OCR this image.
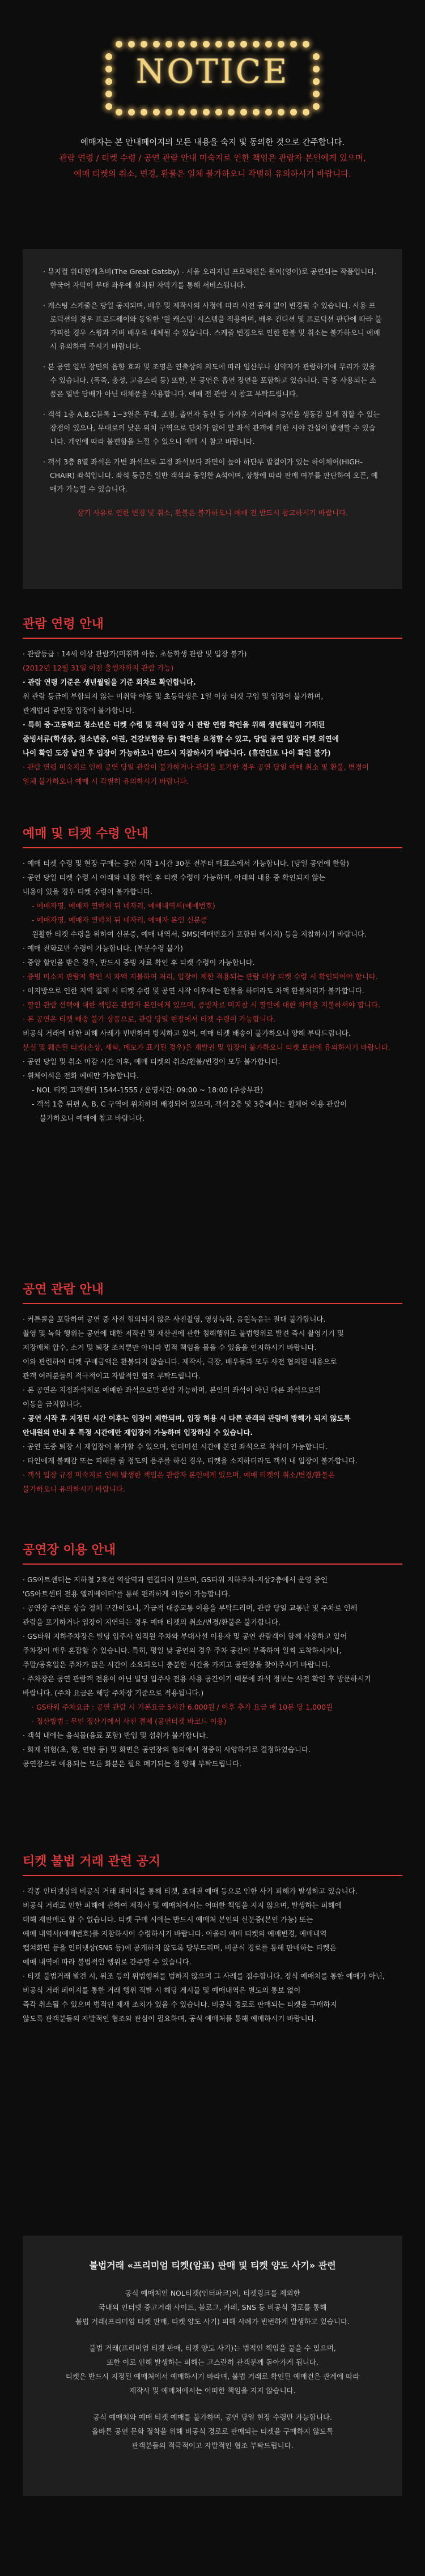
NOTICE
예매자는 본 안내페이지의 모든 내용을 숙지 및 동의한 것으로 간주합니다.
관람 연령 / 티켓 수령 / 공연 관람 안내 미숙지로 인한 책임은 관람자 본인에게 있으며,
예매 티켓의 취소, 변경, 환불은 일체 불가하오니 각별히 유의하시기 바랍니다.

· 뮤지컬 위대한개츠비(The Great Gatsby) - 서울 오리지널 프로덕션은 원어(영어)로 공연되는 작품입니다. 한국어 자막이 무대 좌우에 설치된 자막기를 통해 서비스됩니다.

· 캐스팅 스케줄은 당일 공지되며, 배우 및 제작사의 사정에 따라 사전 공지 없이 변경될 수 있습니다. 사용 프로덕션의 경우 프로드웨이와 동일한 '원 캐스팅' 시스템을 적용하며, 배우 컨디션 및 프로덕션 판단에 따라 불가피한 경우 스윙과 커버 배우로 대체될 수 있습니다. 스케줄 변경으로 인한 환불 및 취소는 불가하오니 예매 시 유의하여 주시기 바랍니다.

· 본 공연 일부 장면의 음향 효과 및 조명은 연출상의 의도에 따라 임산부나 심약자가 관람하기에 무리가 있을 수 있습니다. (폭죽, 총성, 고음소리 등) 또한, 본 공연은 흡연 장면을 포함하고 있습니다. 극 중 사용되는 소품은 일반 담배가 아닌 대체품을 사용합니다. 예매 전 관람 시 참고 부탁드립니다.

· 객석 1층 A,B,C블록 1~3열은 무대, 조명, 출연자 동선 등 가까운 거리에서 공연을 생동감 있게 접할 수 있는 장점이 있으나, 무대로의 낮은 위치 구역으로 단차가 없어 앞 좌석 관객에 의한 시야 간섭이 발생할 수 있습니다. 개인에 따라 불편함을 느낄 수 있으니 예매 시 참고 바랍니다.

· 객석 3층 8열 좌석은 가변 좌석으로 고정 좌석보다 좌면이 높아 하단부 발걸이가 있는 하이체어(HIGH-CHAIR) 좌석입니다. 좌석 등급은 일반 객석과 동일한 A석이며, 상황에 따라 판매 여부를 판단하여 오픈, 예매가 가능할 수 있습니다.

상기 사유로 인한 변경 및 취소, 환불은 불가하오니 예매 전 반드시 참고하시기 바랍니다.

관람 연령 안내

· 관람등급 : 14세 이상 관람가(미취학 아동, 초등학생 관람 및 입장 불가)

(2012년 12월 31일 이전 출생자까지 관람 가능)

· 관람 연령 기준은 생년월일을 기준 회차로 확인합니다.

위 관람 등급에 부합되지 않는 미취학 아동 및 초등학생은 1일 이상 티켓 구입 및 입장이 불가하며,

관계법리 공연장 입장이 불가합니다.

· 특히 중·고등학교 청소년은 티켓 수령 및 객석 입장 시 관람 연령 확인을 위해 생년월일이 기재된

증빙서류(학생증, 청소년증, 여권, 건강보험증 등) 확인을 요청할 수 있고, 당일 공연 입장 티켓 외연에

나이 확인 도장 날인 후 입장이 가능하오니 반드시 지참하시기 바랍니다. (휴먼인포 나이 확인 불가)

· 관람 연령 미숙지로 인해 공연 당일 관람이 불가하거나 관람을 포기한 경우 공연 당일 예매 취소 및 환불, 변경이

일체 불가하오니 예매 시 각별히 유의하시기 바랍니다.

예매 및 티켓 수령 안내

· 예매 티켓 수령 및 현장 구매는 공연 시작 1시간 30분 전부터 매표소에서 가능합니다. (당일 공연에 한함)

· 공연 당일 티켓 수령 시 아래와 내용 확인 후 티켓 수령이 가능하며, 아래의 내용 중 확인되지 않는

내용이 있을 경우 티켓 수령이 불가합니다.

- 예매자명, 예매자 연락처 뒤 네자리, 예매내역서(예매번호)

- 예매자명, 예매자 연락처 뒤 네자리, 예매자 본인 신분증

원활한 티켓 수령을 위하여 신분증, 예매 내역서, SMS(예매번호가 포함된 메시지) 등을 지참하시기 바랍니다.

· 예매 전화로만 수령이 가능합니다. (부분수령 불가)

· 중앙 할인을 받은 경우, 반드시 증빙 자료 확인 후 티켓 수령이 가능합니다.

· 증빙 미소지 관람자 할인 시 차액 지불하여 처리, 입장이 제한 적용되는 관람 대상 티켓 수령 시 확인되어야 합니다.

· 이지방으로 인한 지역 결제 시 티켓 수령 및 공연 시작 이후에는 환불을 하더라도 차액 환불처리가 불가합니다.

· 할인 관람 선택에 대한 책임은 관람자 본인에게 있으며, 증빙자료 미지참 시 할인에 대한 차액을 지불하셔야 합니다.

· 본 공연은 티켓 배송 불가 상품으로, 관람 당일 현장에서 티켓 수령이 가능합니다.

비공식 거래에 대한 피해 사례가 빈번하여 방지하고 있어, 예매 티켓 배송이 불가하오니 양해 부탁드립니다.

분실 및 훼손된 티켓(손상, 세탁, 메모가 표기된 경우)은 재발권 및 입장이 불가하오니 티켓 보관에 유의하시기 바랍니다.

· 공연 당일 및 취소 마감 시간 이후, 예매 티켓의 취소/환불/변경이 모두 불가합니다.

· 휠체어석은 전화 예매만 가능합니다.

- NOL 티켓 고객센터 1544-1555 / 운영시간: 09:00 ~ 18:00 (주중무관)

- 객석 1층 뒤편 A, B, C 구역에 위치하며 배정되어 있으며, 객석 2층 및 3층에서는 휠체어 이용 관람이

불가하오니 예매에 참고 바랍니다.

공연 관람 안내

· 커튼콜을 포함하여 공연 중 사전 협의되지 않은 사진촬영, 영상녹화, 음원녹음는 절대 불가합니다.

촬영 및 녹화 행위는 공연에 대한 저작권 및 재산권에 관한 침해행위로 불법행위로 발견 즉시 촬영기기 및

저장매체 압수, 소거 및 퇴장 조치뿐만 아니라 법적 책임을 물을 수 있음을 인지하시기 바랍니다.

이와 관련하여 티켓 구매금액은 환불되지 않습니다. 제작사, 극장, 배우들과 모두 사전 협의된 내용으로

관객 여러분들의 적극적이고 자발적인 협조 부탁드립니다.

· 본 공연은 지정좌석제로 예매한 좌석으로만 관람 가능하며, 본인의 좌석이 아닌 다른 좌석으로의

이동을 금지합니다.

· 공연 시작 후 지정된 시간 이후는 입장이 제한되며, 입장 허용 시 다른 관객의 관람에 방해가 되지 않도록

안내원의 안내 후 특정 시간에만 재입장이 가능하며 입장하실 수 있습니다.

· 공연 도중 퇴장 시 재입장이 불가할 수 있으며, 인터미션 시간에 본인 좌석으로 착석이 가능합니다.

· 타인에게 불쾌감 또는 피해를 줄 정도의 음주를 하신 경우, 티켓을 소지하더라도 객석 내 입장이 불가합니다.

· 객석 입장 규정 미숙지로 인해 발생한 책임은 관람자 본인에게 있으며, 예매 티켓의 취소/변경/환불은

불가하오니 유의하시기 바랍니다.

공연장 이용 안내

· GS아트센터는 지하철 2호선 역삼역과 연결되어 있으며, GS타워 지하주차-지상2층에서 운영 중인

'GS아트센터 전용 엘리베이터'를 통해 편리하게 이동이 가능합니다.

· 공연장 주변은 상습 정체 구간이오니, 가급적 대중교통 이용을 부탁드리며, 관람 당일 교통난 및 주차로 인해

관람을 포기하거나 입장이 지연되는 경우 예매 티켓의 취소/변경/환불은 불가합니다.

· GS타워 지하주차장은 빌딩 입주사 임직원 주차와 부대사설 이용자 및 공연 관람객이 함께 사용하고 있어

주차장이 매우 혼잡할 수 있습니다. 특히, 평일 낮 공연의 경우 주차 공간이 부족하여 일찍 도착하시거나,

주말/공휴일은 주차가 많은 시간이 소요되오니 충분한 시간을 가지고 공연장을 찾아주시기 바랍니다.

· 주차장은 공연 관람객 전용이 아닌 빌딩 입주사 전용 사용 공간이기 때문에 좌석 정보는 사전 확인 후 방문하시기

바랍니다. (주차 요금은 해당 주차장 기준으로 적용됩니다.)

· GS타워 주차요금 : 공연 관람 시 기본요금 5시간 6,000원 / 이후 추가 요금 매 10분 당 1,000원

· 정산방법 : 무인 정산기에서 사전 결제 (공연티켓 바코드 이용)

· 객석 내에는 음식물(음료 포함) 반입 및 섭취가 불가합니다.

· 화재 위험(초, 향, 연탄 등) 및 화면은 공연장의 협의에서 정중히 사양하기로 결정하였습니다.

공연장으로 애용되는 모든 화분은 필요 폐기되는 점 양해 부탁드립니다.

티켓 불법 거래 관련 공지

· 각종 인터넷상의 비공식 거래 페이지를 통해 티켓, 초대권 예매 등으로 인한 사기 피해가 발생하고 있습니다.

비공식 거래로 인한 피해에 관하여 제작사 및 예매처에서는 어떠한 책임을 지지 않으며, 발생하는 피해에

대해 재판매도 할 수 없습니다. 티켓 구매 시에는 반드시 예매처 본인의 신분증(본인 가능) 또는

예매 내역서(예매번호)를 지참하시어 수령하시기 바랍니다. 아울러 예매 티켓의 예매변경, 예매내역

캡쳐화면 등을 인터넷상(SNS 등)에 공개하지 않도록 당부드리며, 비공식 경로를 통해 판매하는 티켓은

예매 내역에 따라 불법적인 행위로 간주할 수 있습니다.

· 티켓 불법거래 발견 시, 위조 등의 위법행위를 범하지 않으며 그 사례를 접수합니다. 정식 예매처를 통한 예매가 아닌,

비공식 거래 페이지를 통한 거래 행위 적발 시 해당 게시물 및 예매내역은 별도의 통보 없이

즉각 취소될 수 있으며 법적인 제재 조치가 있을 수 있습니다. 비공식 경로로 판매되는 티켓을 구매하지

않도록 관객분들의 자발적인 협조와 관심이 필요하며, 공식 예매처를 통해 예매하시기 바랍니다.

불법거래 «프리미엄 티켓(암표) 판매 및 티켓 양도 사기» 관련

공식 예매처인 NOL티켓(인터파크)이, 티켓링크를 제외한

국내외 인터넷 중고거래 사이트, 블로그, 카페, SNS 등 비공식 경로를 통해

불법 거래(프리미엄 티켓 판매, 티켓 양도 사기) 피해 사례가 빈번하게 발생하고 있습니다.

불법 거래(프리미엄 티켓 판매, 티켓 양도 사기)는 법적인 책임을 물을 수 있으며,

또한 이로 인해 발생하는 피해는 고스란히 관객분께 돌아가게 됩니다.

티켓은 반드시 지정된 예매처에서 예매하시기 바라며, 불법 거래로 확인된 예매건은 관계에 따라

제작사 및 예매처에서는 어떠한 책임을 지지 않습니다.

공식 예매처와 예매 티켓 예매를 불가하며, 공연 당일 현장 수령만 가능합니다.

올바른 공연 문화 정착을 위해 비공식 경로로 판매되는 티켓을 구매하지 않도록

관객분들의 적극적이고 자발적인 협조 부탁드립니다.
